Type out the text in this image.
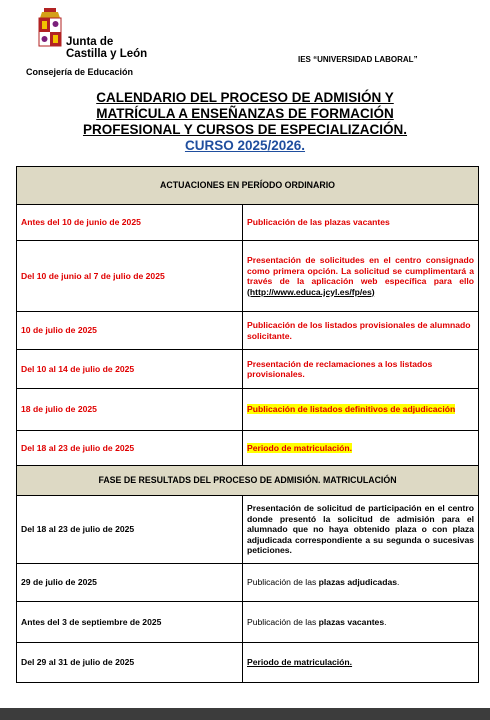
Junta de
Castilla y León
Consejería de Educación
IES “UNIVERSIDAD LABORAL”
CALENDARIO DEL PROCESO DE ADMISIÓN Y
MATRÍCULA A ENSEÑANZAS DE FORMACIÓN
PROFESIONAL Y CURSOS DE ESPECIALIZACIÓN.
CURSO 2025/2026.
ACTUACIONES EN PERÍODO ORDINARIO	
Antes del 10 de junio de 2025	Publicación de las plazas vacantes
Del 10 de junio al 7 de julio de 2025	Presentación de solicitudes en el centro consignado como primera opción. La solicitud se cumplimentará a través de la aplicación web específica para ello (http://www.educa.jcyl.es/fp/es)
10 de julio de 2025	Publicación de los listados provisionales de alumnado solicitante.
Del 10 al 14 de julio de 2025	Presentación de reclamaciones a los listados provisionales.
18 de julio de 2025	Publicación de listados definitivos de adjudicación
Del 18 al 23 de julio de 2025	Periodo de matriculación.
FASE DE RESULTADS DEL PROCESO DE ADMISIÓN. MATRICULACIÓN	
Del 18 al 23 de julio de 2025	Presentación de solicitud de participación en el centro donde presentó la solicitud de admisión para el alumnado que no haya obtenido plaza o con plaza adjudicada correspondiente a su segunda o sucesivas peticiones.
29 de julio de 2025	Publicación de las plazas adjudicadas.
Antes del 3 de septiembre de 2025	Publicación de las plazas vacantes.
Del 29 al 31 de julio de 2025	Periodo de matriculación.
